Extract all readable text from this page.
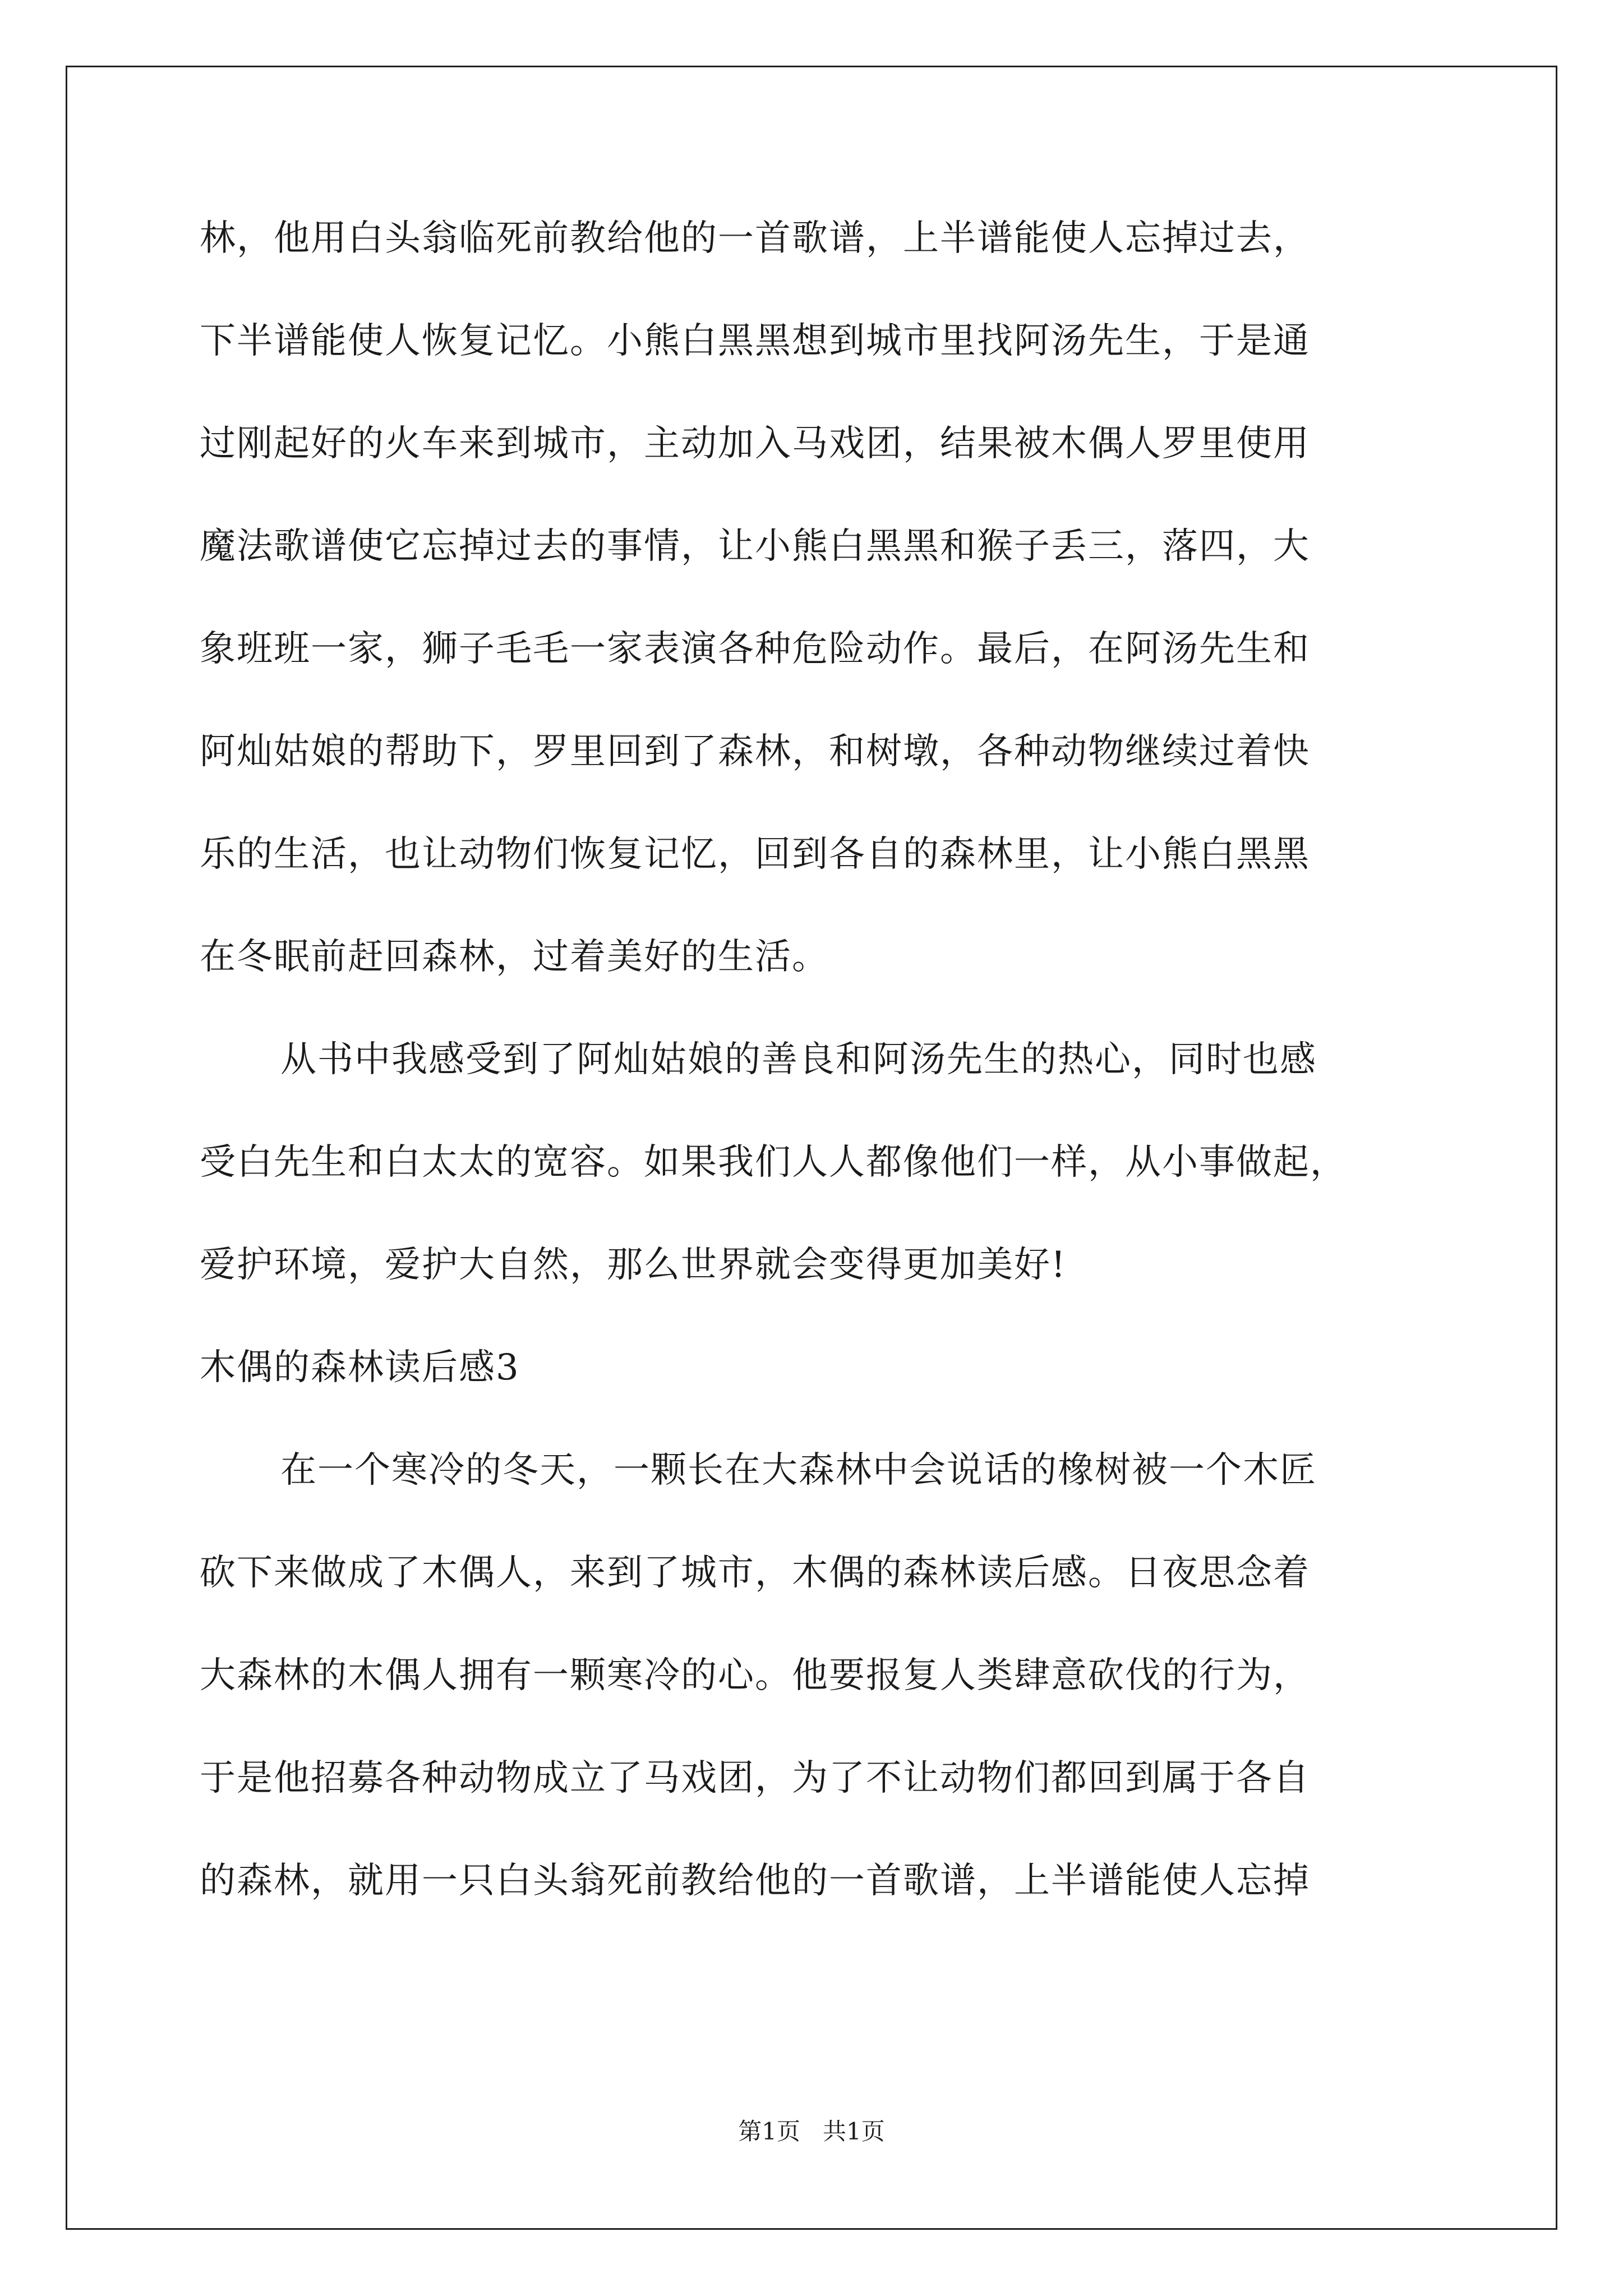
林，他用白头翁临死前教给他的一首歌谱，上半谱能使人忘掉过去，
下半谱能使人恢复记忆。小熊白黑黑想到城市里找阿汤先生，于是通
过刚起好的火车来到城市，主动加入马戏团，结果被木偶人罗里使用
魔法歌谱使它忘掉过去的事情，让小熊白黑黑和猴子丢三，落四，大
象班班一家，狮子毛毛一家表演各种危险动作。最后，在阿汤先生和
阿灿姑娘的帮助下，罗里回到了森林，和树墩，各种动物继续过着快
乐的生活，也让动物们恢复记忆，回到各自的森林里，让小熊白黑黑
在冬眠前赶回森林，过着美好的生活。
从书中我感受到了阿灿姑娘的善良和阿汤先生的热心，同时也感
受白先生和白太太的宽容。如果我们人人都像他们一样，从小事做起，
爱护环境，爱护大自然，那么世界就会变得更加美好!
木偶的森林读后感3
在一个寒冷的冬天，一颗长在大森林中会说话的橡树被一个木匠
砍下来做成了木偶人，来到了城市，木偶的森林读后感。日夜思念着
大森林的木偶人拥有一颗寒冷的心。他要报复人类肆意砍伐的行为，
于是他招募各种动物成立了马戏团，为了不让动物们都回到属于各自
的森林，就用一只白头翁死前教给他的一首歌谱，上半谱能使人忘掉
第1页   共1页
